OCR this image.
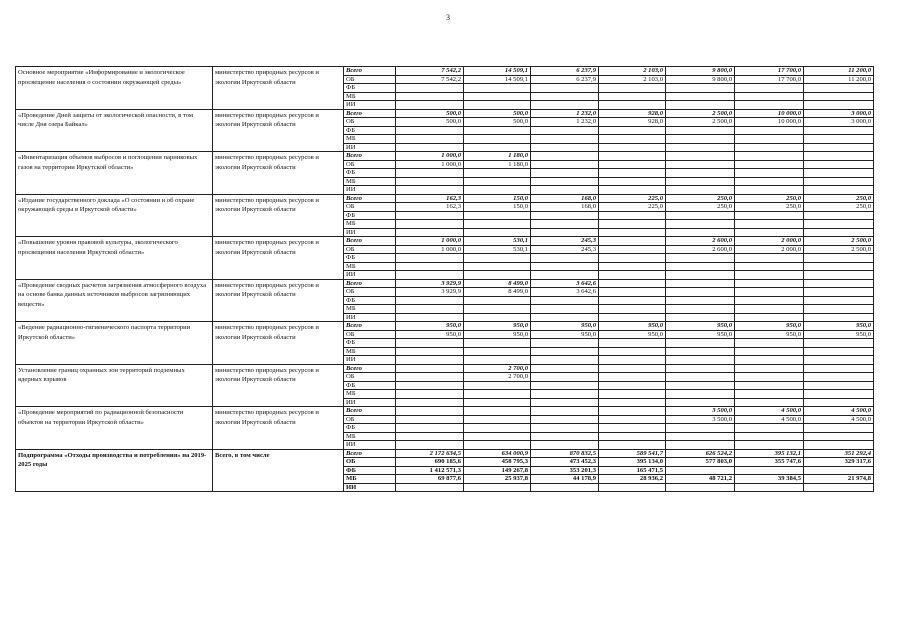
3
Основное мероприятие «Информирование и экологическое просвещение населения о состоянии окружающей среды»	министерство природных ресурсов и экологии Иркутской области	Всего	7 542,2	14 509,1	6 237,9	2 103,0	9 800,0	17 700,0	11 200,0
		ОБ	7 542,2	14 509,1	6 237,9	2 103,0	9 800,0	17 700,0	11 200,0
		ФБ							
		МБ							
		ИИ							
«Проведение Дней защиты от экологической опасности, в том числе Дня озера Байкал»	министерство природных ресурсов и экологии Иркутской области	Всего	500,0	500,0	1 232,0	928,0	2 500,0	10 000,0	3 000,0
		ОБ	500,0	500,0	1 232,0	928,0	2 500,0	10 000,0	3 000,0
		ФБ							
		МБ							
		ИИ							
«Инвентаризация объемов выбросов и поглощения парниковых газов на территории Иркутской области»	министерство природных ресурсов и экологии Иркутской области	Всего	1 000,0	1 180,0					
		ОБ	1 000,0	1 180,0					
		ФБ							
		МБ							
		ИИ							
«Издание государственного доклада «О состоянии и об охране окружающей среды в Иркутской области»	министерство природных ресурсов и экологии Иркутской области	Всего	162,3	150,0	168,0	225,0	250,0	250,0	250,0
		ОБ	162,3	150,0	168,0	225,0	250,0	250,0	250,0
		ФБ							
		МБ							
		ИИ							
«Повышение уровня правовой культуры, экологического просвещения населения Иркутской области»	министерство природных ресурсов и экологии Иркутской области	Всего	1 000,0	530,1	245,3		2 600,0	2 000,0	2 500,0
		ОБ	1 000,0	530,1	245,3		2 600,0	2 000,0	2 500,0
		ФБ							
		МБ							
		ИИ							
«Проведение сводных расчетов загрязнения атмосферного воздуха на основе банка данных источников выбросов загрязняющих веществ»	министерство природных ресурсов и экологии Иркутской области	Всего	3 929,9	8 499,0	3 642,6				
		ОБ	3 929,9	8 499,0	3 642,6				
		ФБ							
		МБ							
		ИИ							
«Ведение радиационно-гигиенического паспорта территории Иркутской области»	министерство природных ресурсов и экологии Иркутской области	Всего	950,0	950,0	950,0	950,0	950,0	950,0	950,0
		ОБ	950,0	950,0	950,0	950,0	950,0	950,0	950,0
		ФБ							
		МБ							
		ИИ							
Установление границ охранных зон территорий подземных ядерных взрывов	министерство природных ресурсов и экологии Иркутской области	Всего		2 700,0					
		ОБ		2 700,0					
		ФБ							
		МБ							
		ИИ							
«Проведение мероприятий по радиационной безопасности объектов на территории Иркутской области»	министерство природных ресурсов и экологии Иркутской области	Всего					3 500,0	4 500,0	4 500,0
		ОБ					3 500,0	4 500,0	4 500,0
		ФБ							
		МБ							
		ИИ							
Подпрограмма «Отходы производства и потребления» на 2019-2025 годы	Всего, в том числе	Всего	2 172 634,5	634 000,9	870 832,5	589 541,7	626 524,2	395 132,1	351 292,4
		ОБ	690 185,6	458 795,3	473 452,3	395 134,0	577 803,0	355 747,6	329 317,6
		ФБ	1 412 571,3	149 267,8	353 201,3	165 471,5			
		МБ	69 877,6	25 937,8	44 178,9	28 936,2	48 721,2	39 384,5	21 974,8
		ИИ							
